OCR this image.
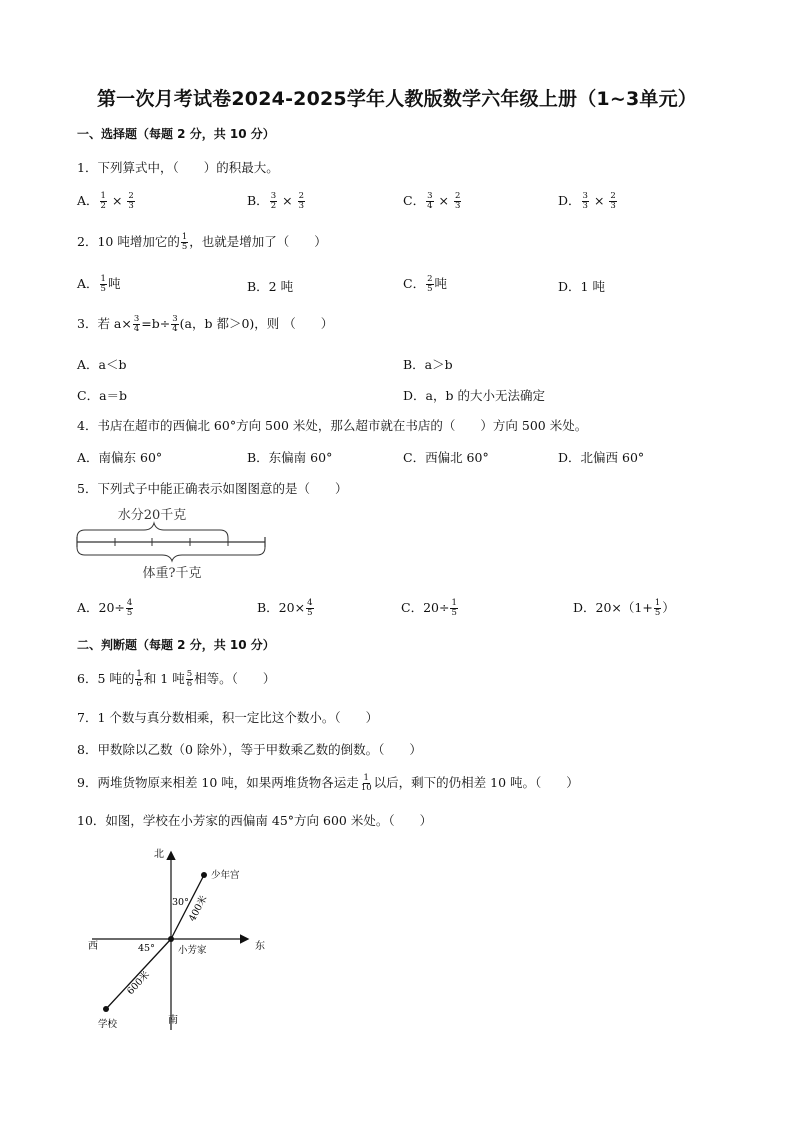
第一次月考试卷2024-2025学年人教版数学六年级上册（1~3单元）
一、选择题（每题 2 分，共 10 分）
1．下列算式中，（　　）的积最大。
A． $\frac{1}{2} \times \frac{2}{3}$	B． $\frac{3}{2} \times \frac{2}{3}$	C． $\frac{3}{4} \times \frac{2}{3}$	D． $\frac{3}{3} \times \frac{2}{3}$
2．10 吨增加它的 $\frac{1}{5}$ ，也就是增加了（　　）
A． $\frac{1}{5}$ 吨	B．2 吨	C． $\frac{2}{5}$ 吨	D．1 吨
3．若 $a\times \frac{3}{4} =b\div \frac{3}{4} (a$，b 都＞0)，则 （　　）
A．a＜b	B．a＞b
C．a＝b	D．a，b 的大小无法确定
4．书店在超市的西偏北 60°方向 500 米处，那么超市就在书店的（　　）方向 500 米处。
A．南偏东 60°	B．东偏南 60°	C．西偏北 60°	D．北偏西 60°
5．下列式子中能正确表示如图图意的是（　　）
水分20千克
体重?千克
A．$20\div \frac{4}{5}$	B．$20\times \frac{4}{5}$	C．$20\div \frac{1}{5}$	D．$20\times(1+ \frac{1}{5}$ ）
二、判断题（每题 2 分，共 10 分）
6．5 吨的 $\frac{1}{6}$ 和 1 吨 $\frac{5}{6}$ 相等。（　　）
7．1 个数与真分数相乘，积一定比这个数小。（　　）
8．甲数除以乙数（0 除外），等于甲数乘乙数的倒数。（　　）
9．两堆货物原来相差 10 吨，如果两堆货物各运走 $\frac{1}{10}$ 以后，剩下的仍相差 10 吨。（　　）
10．如图，学校在小芳家的西偏南 45°方向 600 米处。（　　）
北
西	东
南
少年宫
小芳家
学校
30°
45°
400米
600米
